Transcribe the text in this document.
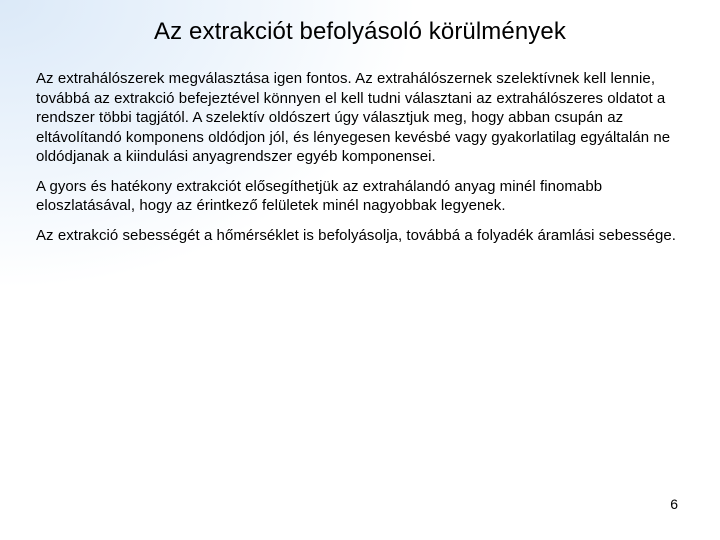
Az extrakciót befolyásoló körülmények

Az extrahálószerek megválasztása igen fontos. Az extrahálószernek szelektívnek kell lennie, továbbá az extrakció befejeztével könnyen el kell tudni választani az extrahálószeres oldatot a rendszer többi tagjától. A szelektív oldószert úgy választjuk meg, hogy abban csupán az eltávolítandó komponens oldódjon jól, és lényegesen kevésbé vagy gyakorlatilag egyáltalán ne oldódjanak a kiindulási anyagrendszer egyéb komponensei.

A gyors és hatékony extrakciót elősegíthetjük az extrahálandó anyag minél finomabb eloszlatásával, hogy az érintkező felületek minél nagyobbak legyenek.

Az extrakció sebességét a hőmérséklet is befolyásolja, továbbá a folyadék áramlási sebessége.

6
